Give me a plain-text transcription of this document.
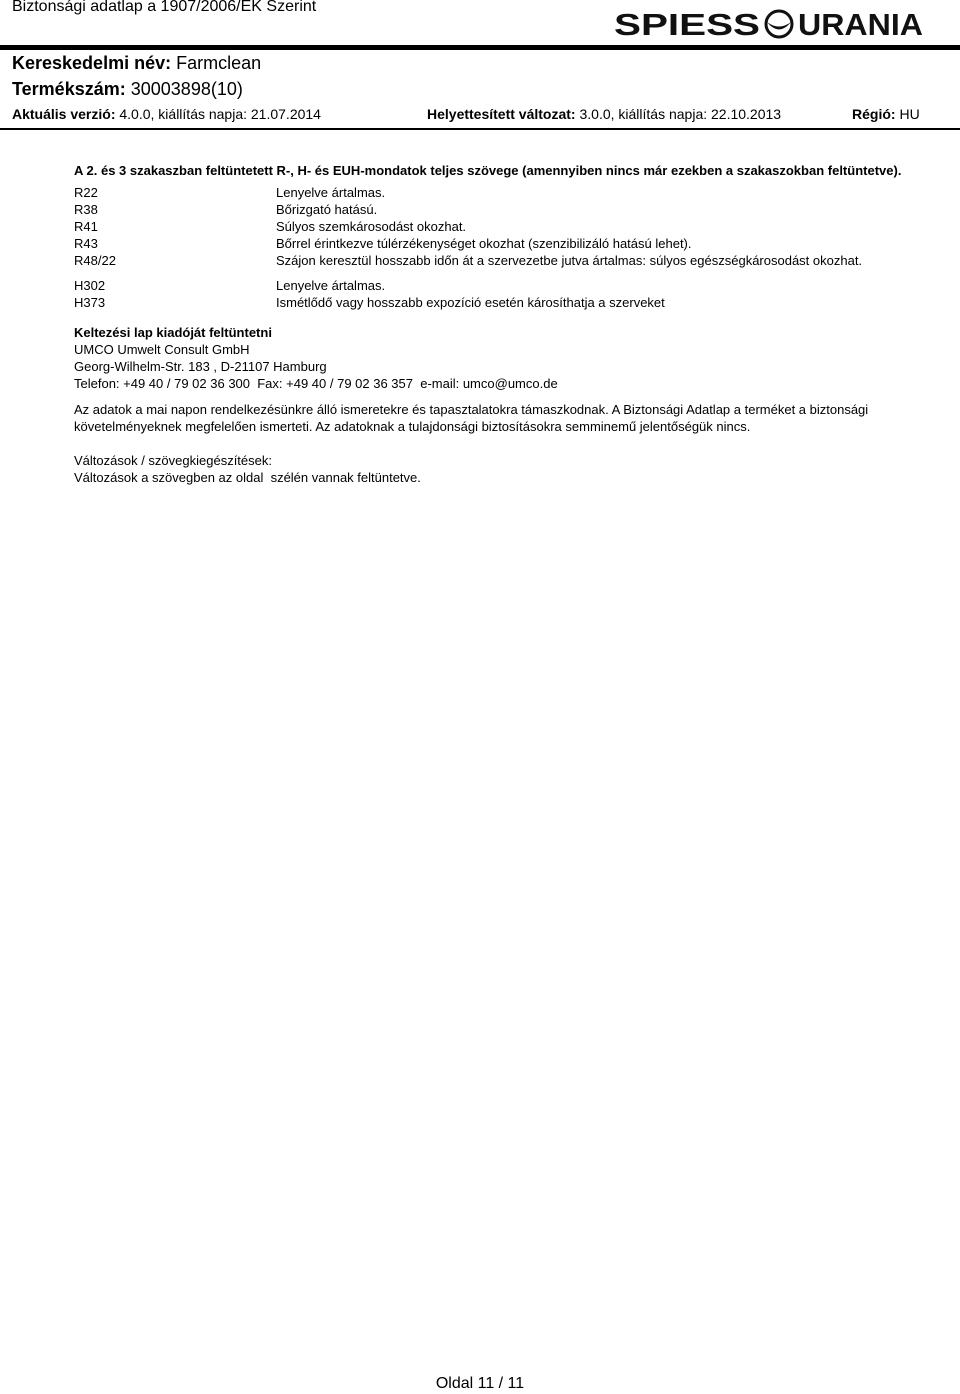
Biztonsági adatlap a 1907/2006/EK Szerint
SPIESS URANIA
Kereskedelmi név: Farmclean
Termékszám: 30003898(10)
Aktuális verzió: 4.0.0, kiállítás napja: 21.07.2014	Helyettesített változat: 3.0.0, kiállítás napja: 22.10.2013	Régió: HU
A 2. és 3 szakaszban feltüntetett R-, H- és EUH-mondatok teljes szövege (amennyiben nincs már ezekben a szakaszokban feltüntetve).
R22	Lenyelve ártalmas.
R38	Bőrizgató hatású.
R41	Súlyos szemkárosodást okozhat.
R43	Bőrrel érintkezve túlérzékenységet okozhat (szenzibilizáló hatású lehet).
R48/22	Szájon keresztül hosszabb időn át a szervezetbe jutva ártalmas: súlyos egészségkárosodást okozhat.
H302	Lenyelve ártalmas.
H373	Ismétlődő vagy hosszabb expozíció esetén károsíthatja a szerveket
Keltezési lap kiadóját feltüntetni
UMCO Umwelt Consult GmbH
Georg-Wilhelm-Str. 183 , D-21107 Hamburg
Telefon: +49 40 / 79 02 36 300  Fax: +49 40 / 79 02 36 357  e-mail: umco@umco.de
Az adatok a mai napon rendelkezésünkre álló ismeretekre és tapasztalatokra támaszkodnak. A Biztonsági Adatlap a terméket a biztonsági követelményeknek megfelelően ismerteti. Az adatoknak a tulajdonsági biztosításokra semminemű jelentőségük nincs.
Változások / szövegkiegészítések:
Változások a szövegben az oldal  szélén vannak feltüntetve.
Oldal 11 / 11
